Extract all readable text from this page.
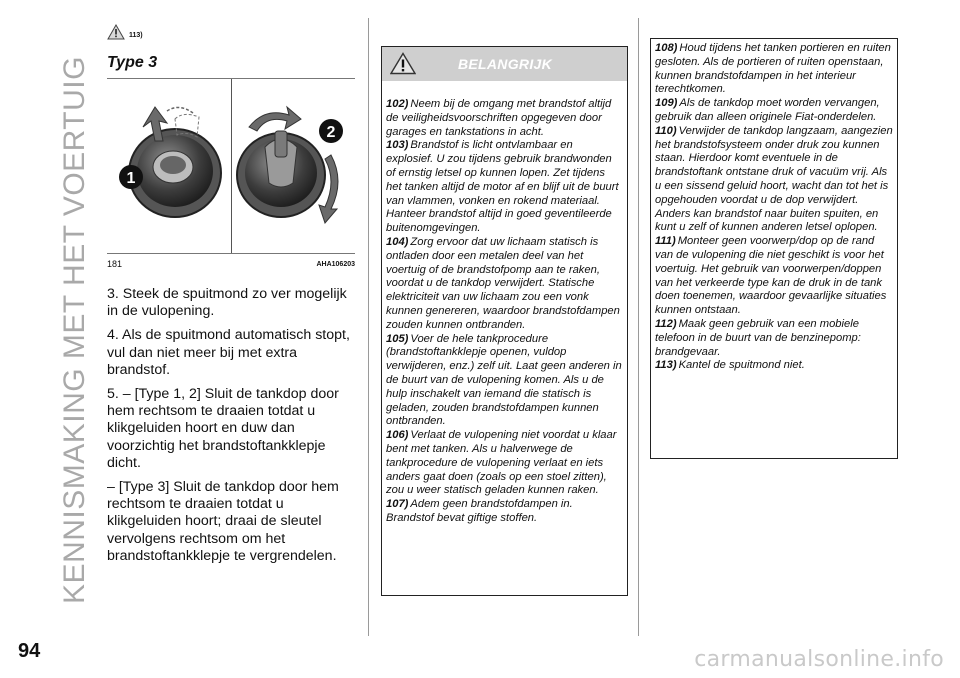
KENNISMAKING MET HET VOERTUIG
113)
Type 3
1
2
181	AHA106203

3. Steek de spuitmond zo ver mogelijk in de vulopening.

4. Als de spuitmond automatisch stopt, vul dan niet meer bij met extra brandstof.

5. – [Type 1, 2] Sluit de tankdop door hem rechtsom te draaien totdat u klikgeluiden hoort en duw dan voorzichtig het brandstoftankklepje dicht.

– [Type 3] Sluit de tankdop door hem rechtsom te draaien totdat u klikgeluiden hoort; draai de sleutel vervolgens rechtsom om het brandstoftankklepje te vergrendelen.

BELANGRIJK

102) Neem bij de omgang met brandstof altijd de veiligheidsvoorschriften opgegeven door garages en tankstations in acht.

103) Brandstof is licht ontvlambaar en explosief. U zou tijdens gebruik brandwonden of ernstig letsel op kunnen lopen. Zet tijdens het tanken altijd de motor af en blijf uit de buurt van vlammen, vonken en rokend materiaal. Hanteer brandstof altijd in goed geventileerde buitenomgevingen.

104) Zorg ervoor dat uw lichaam statisch is ontladen door een metalen deel van het voertuig of de brandstofpomp aan te raken, voordat u de tankdop verwijdert. Statische elektriciteit van uw lichaam zou een vonk kunnen genereren, waardoor brandstofdampen zouden kunnen ontbranden.

105) Voer de hele tankprocedure (brandstoftankklepje openen, vuldop verwijderen, enz.) zelf uit. Laat geen anderen in de buurt van de vulopening komen. Als u de hulp inschakelt van iemand die statisch is geladen, zouden brandstofdampen kunnen ontbranden.

106) Verlaat de vulopening niet voordat u klaar bent met tanken. Als u halverwege de tankprocedure de vulopening verlaat en iets anders gaat doen (zoals op een stoel zitten), zou u weer statisch geladen kunnen raken.

107) Adem geen brandstofdampen in. Brandstof bevat giftige stoffen.

108) Houd tijdens het tanken portieren en ruiten gesloten. Als de portieren of ruiten openstaan, kunnen brandstofdampen in het interieur terechtkomen.

109) Als de tankdop moet worden vervangen, gebruik dan alleen originele Fiat-onderdelen.

110) Verwijder de tankdop langzaam, aangezien het brandstofsysteem onder druk zou kunnen staan. Hierdoor komt eventuele in de brandstoftank ontstane druk of vacuüm vrij. Als u een sissend geluid hoort, wacht dan tot het is opgehouden voordat u de dop verwijdert. Anders kan brandstof naar buiten spuiten, en kunt u zelf of kunnen anderen letsel oplopen.

111) Monteer geen voorwerp/dop op de rand van de vulopening die niet geschikt is voor het voertuig. Het gebruik van voorwerpen/doppen van het verkeerde type kan de druk in de tank doen toenemen, waardoor gevaarlijke situaties kunnen ontstaan.

112) Maak geen gebruik van een mobiele telefoon in de buurt van de benzinepomp: brandgevaar.

113) Kantel de spuitmond niet.

94	carmanualsonline.info
